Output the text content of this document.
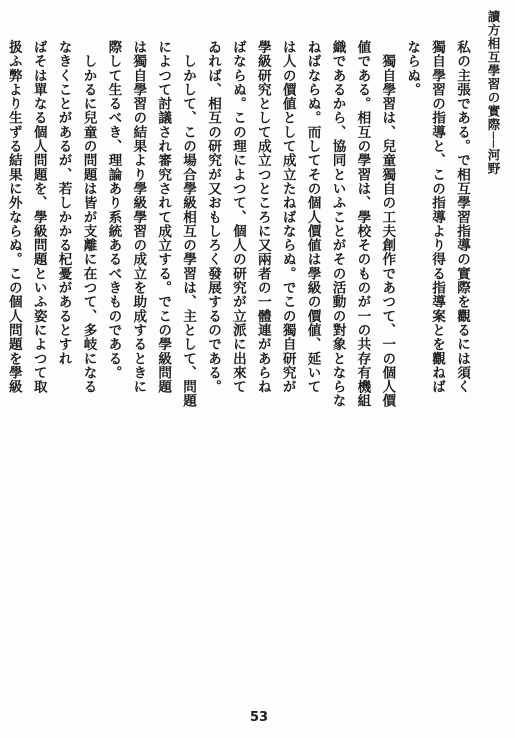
讀方相互學習の實際──河野
私の主張である。で相互學習指導の實際を觀るには須く
獨自學習の指導と、この指導より得る指導案とを觀ねば
ならぬ。
　獨自學習は、兒童獨自の工夫創作であつて、一の個人價
値である。相互の學習は、學校そのものが一の共存有機組
織であるから、協同といふことがその活動の對象とならな
ねばならぬ。而してその個人價値は學級の價値、延いて
は人の價値として成立たねばならぬ。でこの獨自研究が
學級研究として成立つところに又兩者の一體連があらね
ばならぬ。この理によつて、個人の研究が立派に出來て
ゐれば、相互の研究が又おもしろく發展するのである。
　しかして、この場合學級相互の學習は、主として、問題
によつて討議され審究されて成立する。でこの學級問題
は獨自學習の結果より學級學習の成立を助成するときに
際して生るべき、理論あり系統あるべきものである。
　しかるに兒童の問題は皆が支離に在つて、多岐になる
なきくことがあるが、若しかかる杞憂があるとすれ
ばそは單なる個人問題を、學級問題といふ姿によつて取
扱ふ弊より生ずる結果に外ならぬ。この個人問題を學級
53
